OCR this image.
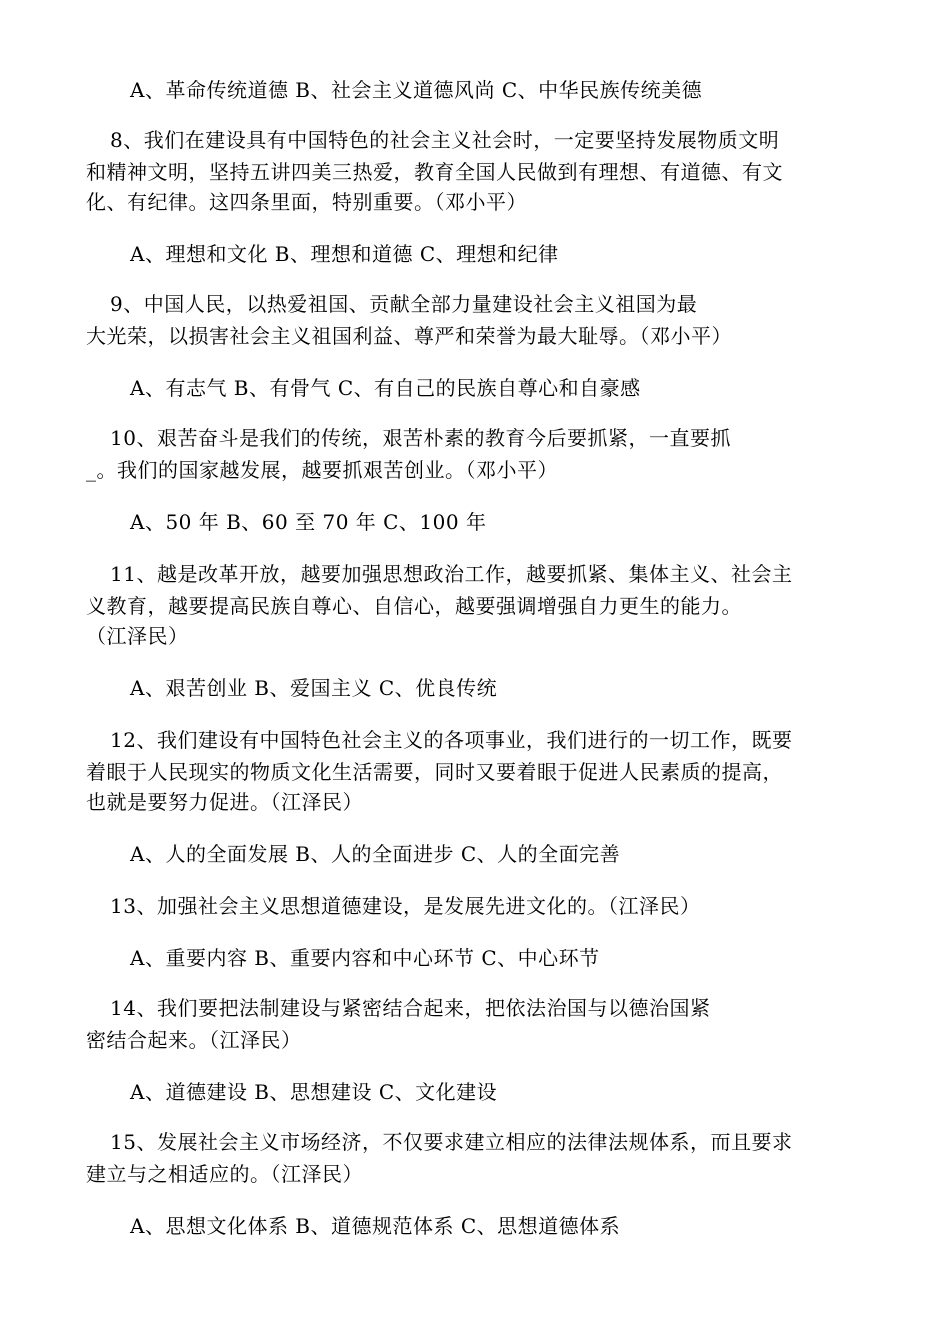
A、革命传统道德 B、社会主义道德风尚 C、中华民族传统美德
8、我们在建设具有中国特色的社会主义社会时，一定要坚持发展物质文明
和精神文明，坚持五讲四美三热爱，教育全国人民做到有理想、有道德、有文
化、有纪律。这四条里面，特别重要。（邓小平）
A、理想和文化 B、理想和道德 C、理想和纪律
9、中国人民，以热爱祖国、贡献全部力量建设社会主义祖国为最
大光荣，以损害社会主义祖国利益、尊严和荣誉为最大耻辱。（邓小平）
A、有志气 B、有骨气 C、有自己的民族自尊心和自豪感
10、艰苦奋斗是我们的传统，艰苦朴素的教育今后要抓紧，一直要抓
_。我们的国家越发展，越要抓艰苦创业。（邓小平）
A、50 年 B、60 至 70 年 C、100 年
11、越是改革开放，越要加强思想政治工作，越要抓紧、集体主义、社会主
义教育，越要提高民族自尊心、自信心，越要强调增强自力更生的能力。
（江泽民）
A、艰苦创业 B、爱国主义 C、优良传统
12、我们建设有中国特色社会主义的各项事业，我们进行的一切工作，既要
着眼于人民现实的物质文化生活需要，同时又要着眼于促进人民素质的提高，
也就是要努力促进。（江泽民）
A、人的全面发展 B、人的全面进步 C、人的全面完善
13、加强社会主义思想道德建设，是发展先进文化的。（江泽民）
A、重要内容 B、重要内容和中心环节 C、中心环节
14、我们要把法制建设与紧密结合起来，把依法治国与以德治国紧
密结合起来。（江泽民）
A、道德建设 B、思想建设 C、文化建设
15、发展社会主义市场经济，不仅要求建立相应的法律法规体系，而且要求
建立与之相适应的。（江泽民）
A、思想文化体系 B、道德规范体系 C、思想道德体系
